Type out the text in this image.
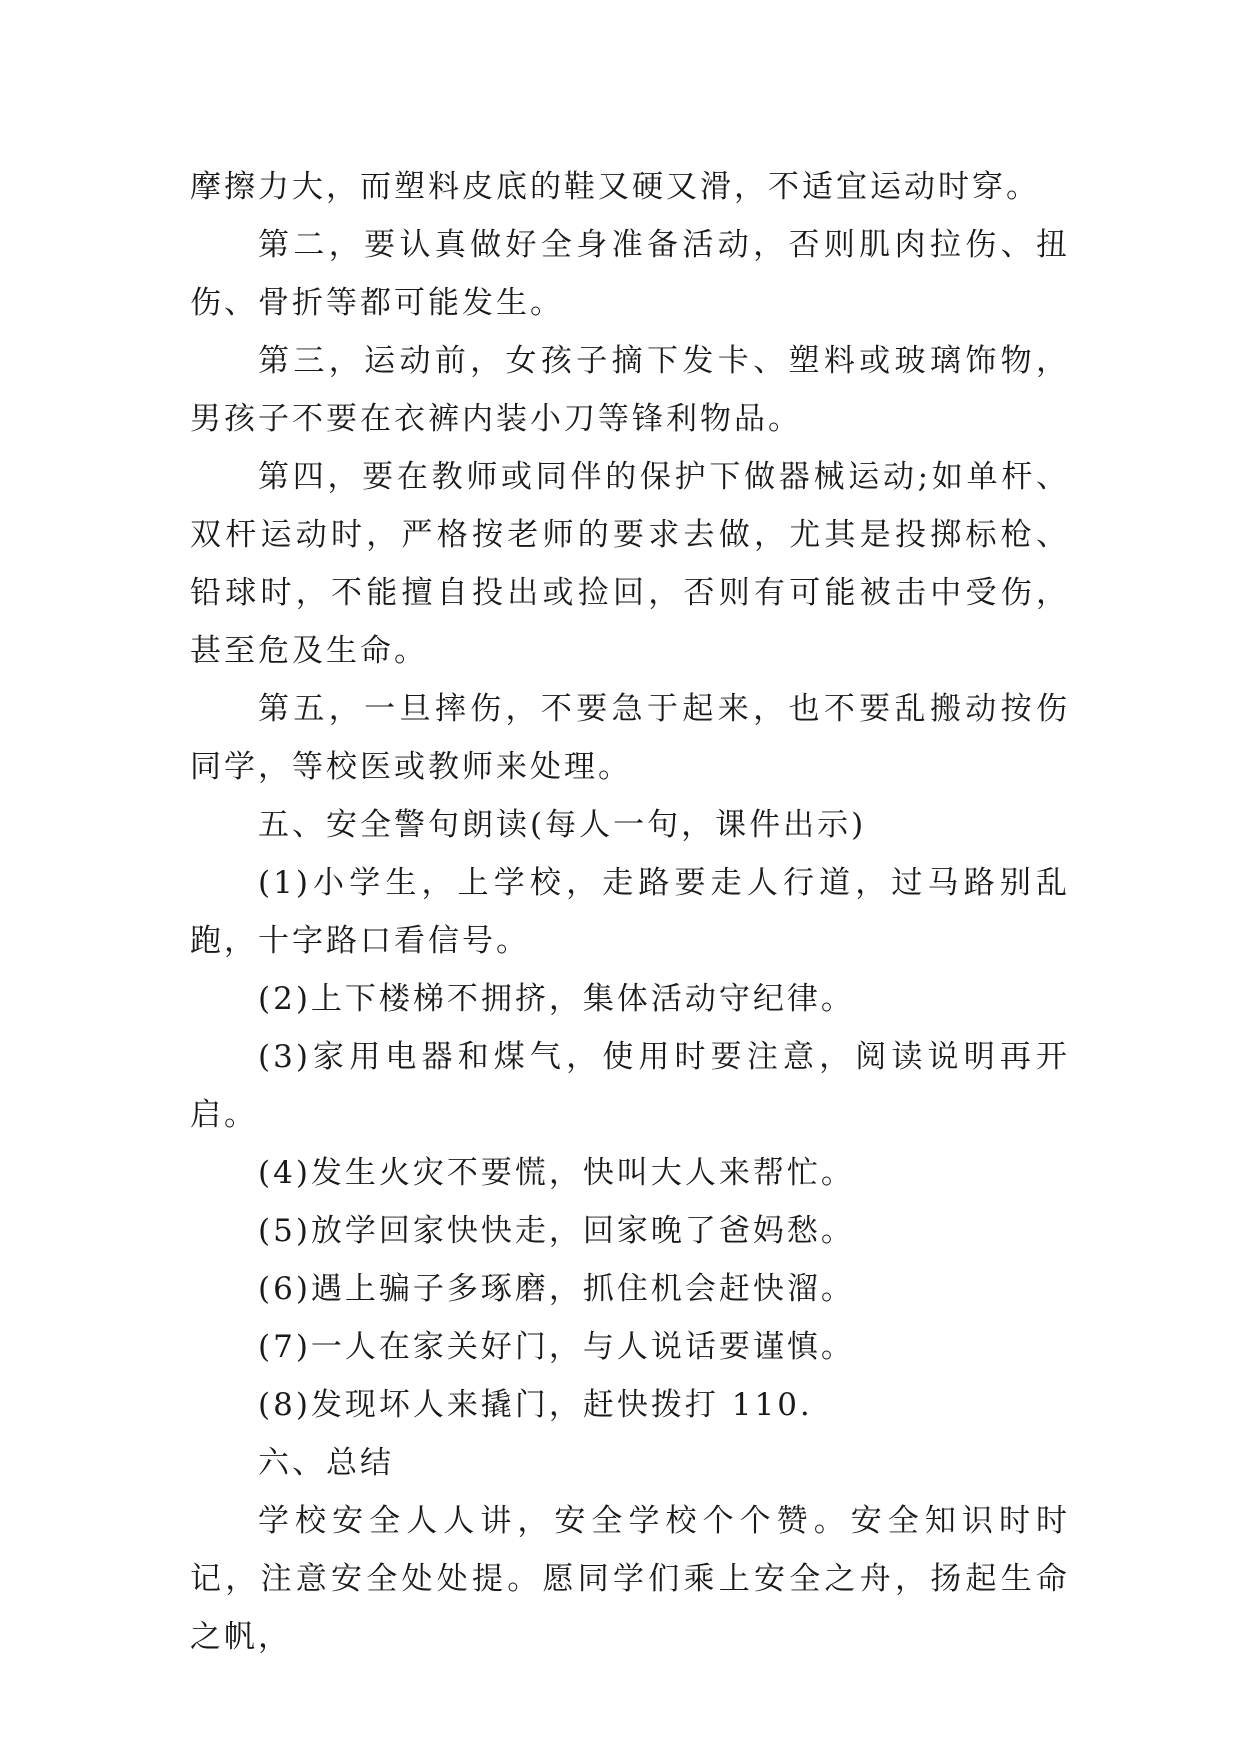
摩擦力大，而塑料皮底的鞋又硬又滑，不适宜运动时穿。

第二，要认真做好全身准备活动，否则肌肉拉伤、扭伤、骨折等都可能发生。

第三，运动前，女孩子摘下发卡、塑料或玻璃饰物，男孩子不要在衣裤内装小刀等锋利物品。

第四，要在教师或同伴的保护下做器械运动;如单杆、双杆运动时，严格按老师的要求去做，尤其是投掷标枪、铅球时，不能擅自投出或捡回，否则有可能被击中受伤，甚至危及生命。

第五，一旦摔伤，不要急于起来，也不要乱搬动按伤同学，等校医或教师来处理。

五、安全警句朗读(每人一句，课件出示)

(1)小学生，上学校，走路要走人行道，过马路别乱跑，十字路口看信号。

(2)上下楼梯不拥挤，集体活动守纪律。

(3)家用电器和煤气，使用时要注意，阅读说明再开启。

(4)发生火灾不要慌，快叫大人来帮忙。

(5)放学回家快快走，回家晚了爸妈愁。

(6)遇上骗子多琢磨，抓住机会赶快溜。

(7)一人在家关好门，与人说话要谨慎。

(8)发现坏人来撬门，赶快拨打 110.

六、总结

学校安全人人讲，安全学校个个赞。安全知识时时记，注意安全处处提。愿同学们乘上安全之舟，扬起生命之帆，
